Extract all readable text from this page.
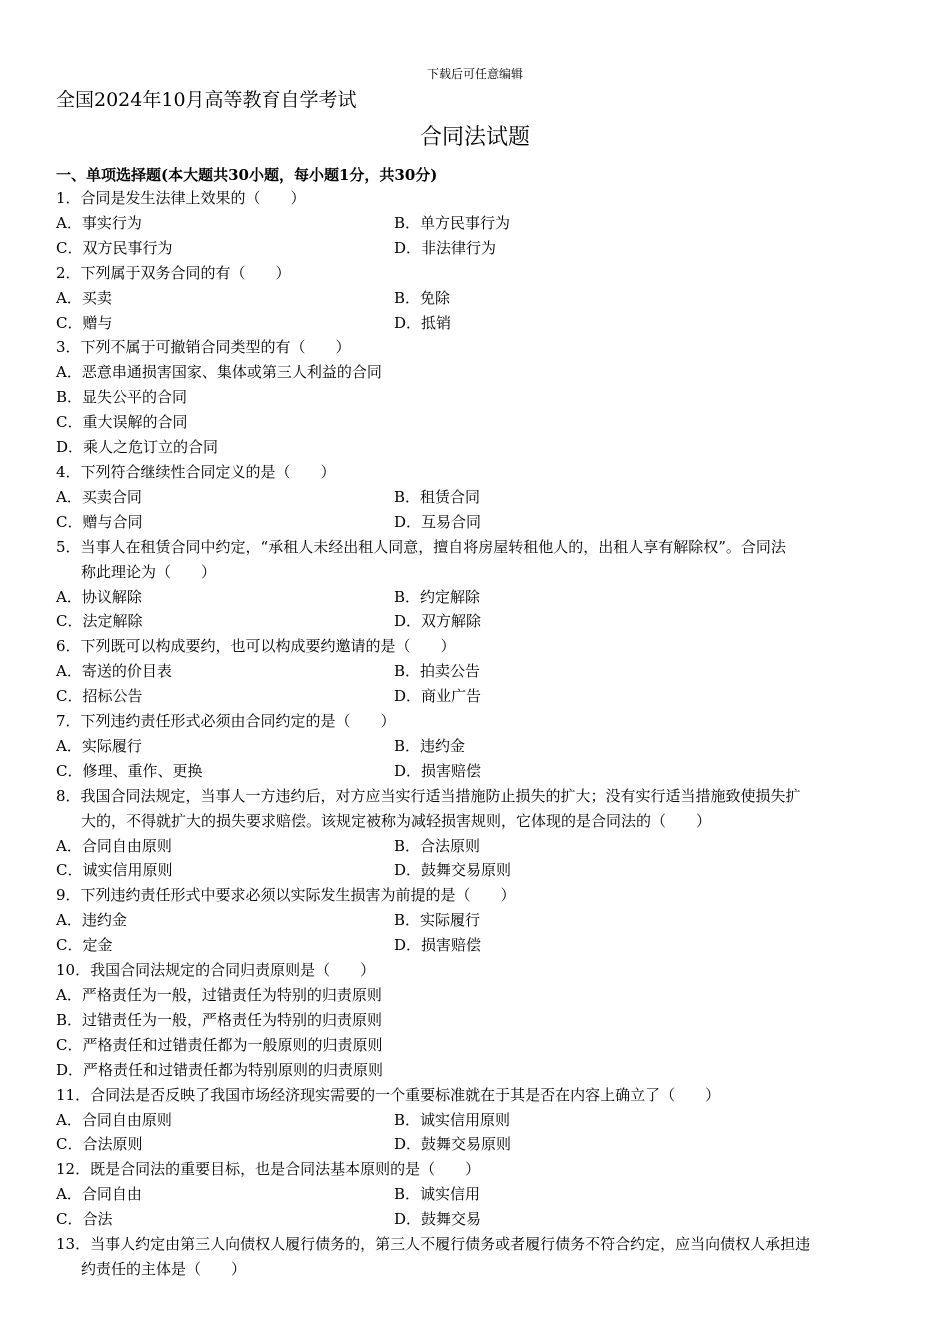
下载后可任意编辑
全国2024年10月高等教育自学考试
合同法试题
一、单项选择题(本大题共30小题，每小题1分，共30分)
1．合同是发生法律上效果的（　　）
A．事实行为	B．单方民事行为
C．双方民事行为	D．非法律行为
2．下列属于双务合同的有（　　）
A．买卖	B．免除
C．赠与	D．抵销
3．下列不属于可撤销合同类型的有（　　）
A．恶意串通损害国家、集体或第三人利益的合同
B．显失公平的合同
C．重大误解的合同
D．乘人之危订立的合同
4．下列符合继续性合同定义的是（　　）
A．买卖合同	B．租赁合同
C．赠与合同	D．互易合同
5．当事人在租赁合同中约定，“承租人未经出租人同意，擅自将房屋转租他人的，出租人享有解除权”。合同法
称此理论为（　　）
A．协议解除	B．约定解除
C．法定解除	D．双方解除
6．下列既可以构成要约，也可以构成要约邀请的是（　　）
A．寄送的价目表	B．拍卖公告
C．招标公告	D．商业广告
7．下列违约责任形式必须由合同约定的是（　　）
A．实际履行	B．违约金
C．修理、重作、更换	D．损害赔偿
8．我国合同法规定，当事人一方违约后，对方应当实行适当措施防止损失的扩大；没有实行适当措施致使损失扩
大的，不得就扩大的损失要求赔偿。该规定被称为减轻损害规则，它体现的是合同法的（　　）
A．合同自由原则	B．合法原则
C．诚实信用原则	D．鼓舞交易原则
9．下列违约责任形式中要求必须以实际发生损害为前提的是（　　）
A．违约金	B．实际履行
C．定金	D．损害赔偿
10．我国合同法规定的合同归责原则是（　　）
A．严格责任为一般，过错责任为特别的归责原则
B．过错责任为一般，严格责任为特别的归责原则
C．严格责任和过错责任都为一般原则的归责原则
D．严格责任和过错责任都为特别原则的归责原则
11．合同法是否反映了我国市场经济现实需要的一个重要标准就在于其是否在内容上确立了（　　）
A．合同自由原则	B．诚实信用原则
C．合法原则	D．鼓舞交易原则
12．既是合同法的重要目标，也是合同法基本原则的是（　　）
A．合同自由	B．诚实信用
C．合法	D．鼓舞交易
13．当事人约定由第三人向债权人履行债务的，第三人不履行债务或者履行债务不符合约定，应当向债权人承担违
约责任的主体是（　　）
